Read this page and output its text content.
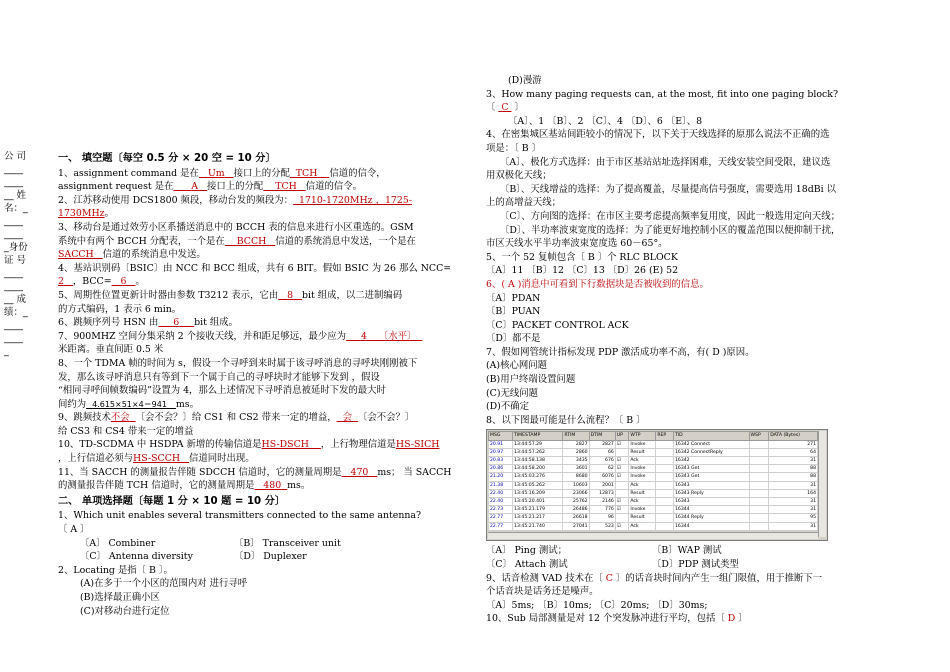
公 司
____
____
__ 姓
名：_
____
____
_身份
证 号
____
____
__ 成
绩：_
____
____
_
一、 填空题〔每空 0.5 分 × 20 空 = 10 分〕
1、assignment command 是在 Um 接口上的分配 TCH 信道的信令，
assignment request 是在 A 接口上的分配 TCH 信道的信令。
2、江苏移动使用 DCS1800 频段，移动台发的频段为： 1710-1720MHz ，1725-
1730MHz。
3、移动台是通过效劳小区系播送消息中的 BCCH 表的信息来进行小区重选的。GSM
系统中有两个 BCCH 分配表，一个是在 BCCH 信道的系统消息中发送，一个是在
SACCH 信道的系统消息中发送。
4、基站识别码〔BSIC〕由 NCC 和 BCC 组成，共有 6 BIT。假如 BSIC 为 26 那么 NCC=
2 ，BCC= 6 。
5、周期性位置更新计时器由参数 T3212 表示，它由 8 bit 组成，以二进制编码
的方式编码，1 表示 6 min。
6、跳频序列号 HSN 由 6 bit 组成。
7、900MHZ 空间分集采纳 2 个接收天线，并和距足够远，最少应为 4 〔水平〕
米距离。垂直间距 0.5 米
8、一个 TDMA 帧的时间为 s，假设一个寻呼到来时属于该寻呼消息的寻呼块刚刚被下
发，那么该寻呼消息只有等到下一个属于自己的寻呼块时才能够下发到 ，假设
“相同寻呼间帧数编码”设置为 4，那么上述情况下寻呼消息被延时下发的最大时
间约为 4.615×51×4＝941 ms。
9、跳频技术不会 〔会不会？〕给 CS1 和 CS2 带来一定的增益， 会 〔会不会？〕
给 CS3 和 CS4 带来一定的增益
10、TD-SCDMA 中 HSDPA 新增的传输信道是HS-DSCH ，上行物理信道是HS-SICH
，上行信道必须与HS-SCCH 信道同时出现。
11、当 SACCH 的测量报告伴随 SDCCH 信道时，它的测量周期是 470 ms； 当 SACCH
的测量报告伴随 TCH 信道时，它的测量周期是 480 ms。
二、 单项选择题〔每题 1 分 × 10 题 = 10 分〕
1、Which unit enables several transmitters connected to the same antenna?
〔 A 〕
〔A〕 Combiner	〔B〕 Transceiver unit
〔C〕 Antenna diversity	〔D〕 Duplexer
2、Locating 是指〔 B 〕。
(A)在多于一个小区的范围内对 进行寻呼
(B)选择最正确小区
(C)对移动台进行定位
(D)漫游
3、How many paging requests can, at the most, fit into one paging block?
〔  C  〕
〔A〕、1 〔B〕、2 〔C〕、4 〔D〕、6 〔E〕、8
4、在密集城区基站间距较小的情况下，以下关于天线选择的原那么说法不正确的选
项是：〔 B 〕
〔A〕、极化方式选择：由于市区基站站址选择困难，天线安装空间受限，建议选
用双极化天线；
〔B〕、天线增益的选择：为了提高覆盖，尽量提高信号强度，需要选用 18dBi 以
上的高增益天线；
〔C〕、方向图的选择：在市区主要考虑提高频率复用度，因此一般选用定向天线；
〔D〕、半功率波束宽度的选择：为了能更好地控制小区的覆盖范围以便抑制干扰，
市区天线水平半功率波束宽度选 60－65°。
5、一个 52 复帧包含〔 B 〕个 RLC BLOCK
〔A〕11 〔B〕12 〔C〕13 〔D〕26 (E) 52
6、( A )消息中可看到下行数据块是否被收到的信息。
〔A〕PDAN
〔B〕PUAN
〔C〕PACKET CONTROL ACK
〔D〕都不是
7、假如网管统计指标发现 PDP 激活成功率不高，有( D )原因。
(A)核心网问题
(B)用户终端设置问题
(C)无线问题
(D)不确定
8、以下图最可能是什么流程？〔 B 〕
MSG	TIMESTAMP	RTIM	DTIM	UP	WTP	REP	TID	WSP	DATA (Bytes)
20.91	13:44:57.29	2827	2827	☑	Invoke		16342 Connect		271
20.97	13:44:57.262	2860	66		Result		16342 ConnectReply		64
20.83	13:44:58.138	3435	676	☑	Ack		16342		31
20.86	13:44:58.200	3601	62	☑	Invoke		16343 Get		88
21.20	13:45:03.276	8680	6076	☑	Invoke		16343 Get		88
21.38	13:45:05.262	10603	2001		Ack		16343		31
22.40	13:45:16.209	23066	12873		Result		16343 Reply		164
22.40	13:45:20.401	25762	2146	☑	Ack		16343		31
22.73	13:45:21.179	26486	776	☑	Invoke		16344		31
22.77	13:45:21.217	26618	96		Result		16344 Reply		95
22.77	13:45:21.740	27041	523	☑	Ack		16344		31
〔A〕 Ping 测试；	〔B〕WAP 测试
〔C〕 Attach 测试	〔D〕PDP 测试类型
9、话音检测 VAD 技术在〔 C 〕的话音块时间内产生一组门限值，用于推断下一
个话音块是话务还是噪声。
〔A〕5ms; 〔B〕10ms; 〔C〕20ms; 〔D〕30ms;
10、Sub 局部测量是对 12 个突发脉冲进行平均，包括〔 D 〕
